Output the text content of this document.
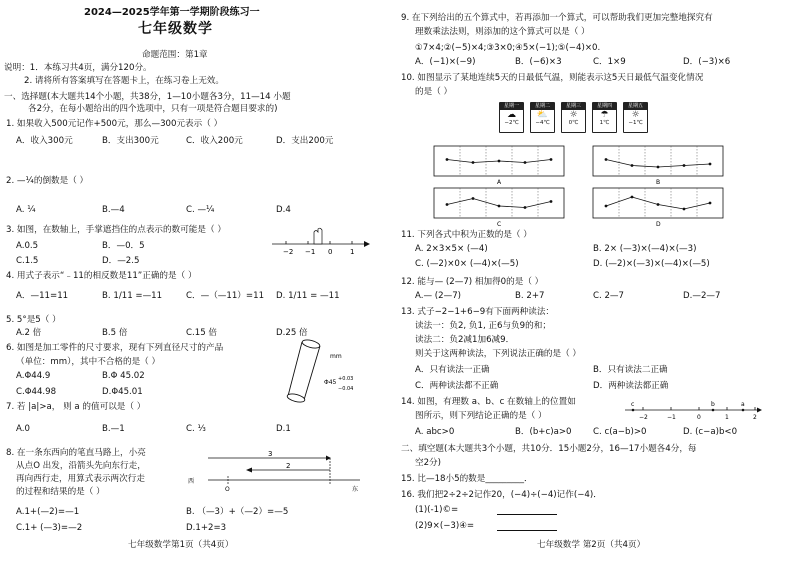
2024—2025学年第一学期阶段练习一
七年级数学
命题范围：第1章
说明：1．本练习共4页，满分120分。
2. 请将所有答案填写在答题卡上，在练习卷上无效。
一、选择题(本大题共14个小题，共38分，1—10小题各3分，11—14 小题
各2分，在每小题给出的四个选项中，只有一项是符合题目要求的)
1. 如果收入500元记作+500元，那么—300元表示（ ）
A．收入300元	B．支出300元	C．收入200元	D．支出200元
2. —¼的倒数是（ ）
A. ¼	B.—4	C. —¼	D.4
3. 如图，在数轴上，手掌遮挡住的点表示的数可能是（ ）
A.0.5	B．—0．5
C.1.5	D．—2.5
−2 −1 0	1
4. 用式子表示“﹣11的相反数是11”正确的是（ ）
A．—11=11	B. 1/11 =—11	C．—（—11）=11 D. 1/11 = —11
5. 5°是5（ ）
A.2 倍	B.5 倍	C.15 倍	D.25 倍
6. 如图是加工零件的尺寸要求，现有下列直径尺寸的产品
（单位：mm），其中不合格的是（ ）
A.Φ44.9	B.Φ 45.02
C.Φ44.98	D.Φ45.01
mm
Φ45 +0.03
−0.04
7. 若 |a|>a， 则 a 的值可以是（ ）
A.0	B.—1	C. ⅓	D.1
8. 在一条东西向的笔直马路上，小亮
从点O 出发，沿箭头先向东行走，
再向西行走，用算式表示两次行走
的过程和结果的是（ ）
3
2
西
O	东
A.1+(—2)=—1	B. （—3）+（—2）=—5
C.1+ (—3)=—2	D.1+2=3
七年级数学第1页（共4页）
9. 在下列给出的五个算式中，若再添加一个算式，可以帮助我们更加完整地探究有
理数乘法法则，则添加的这个算式可以是（ ）
①7×4;②(−5)×4;③3×0;④5×(−1);⑤(−4)×0.
A．(−1)×(−9)	B．(−6)×3	C．1×9	D．(−3)×6
10. 如图显示了某地连续5天的日最低气温，则能表示这5天日最低气温变化情况
的是（ ）
星期一
☁
−2℃
星期二
⛅
−4℃
星期三
☼
0℃
星期四
☂
1℃
星期五
☼
−1℃
A	B
C	D
11. 下列各式中积为正数的是（ ）
A. 2×3×5× (—4)	B. 2× (—3)×(—4)×(—3)
C. (—2)×0× (—4)×(—5)	D. (—2)×(—3)×(—4)×(—5)
12. 能与— (2—7) 相加得0的是（ ）
A.— (2—7)	B. 2+7	C. 2—7	D.—2—7
13. 式子−2−1+6−9有下面两种读法：
读法一：负2, 负1, 正6与负9的和；
读法二：负2减1加6减9．
则关于这两种读法，下列说法正确的是（ ）
A．只有读法一正确	B．只有读法二正确
C．两种读法都不正确	D．两种读法都正确
14. 如图，有理数 a、b、c 在数轴上的位置如
图所示，则下列结论正确的是（ ）
c
−2	−1	0
b
1
a
2
A. abc>0	B．(b+c)a>0 C. c(a−b)>0	D. (c−a)b<0
二、填空题(本大题共3个小题，共10分．15小题2分，16—17小题各4分，每
空2分)
15. 比—18小5的数是_________．
16. 我们把2÷2÷2记作20，(−4)÷(−4)记作(−4)．
(1)(-1)©=
(2)9×(−3)④=
七年级数学 第2页（共4页）
